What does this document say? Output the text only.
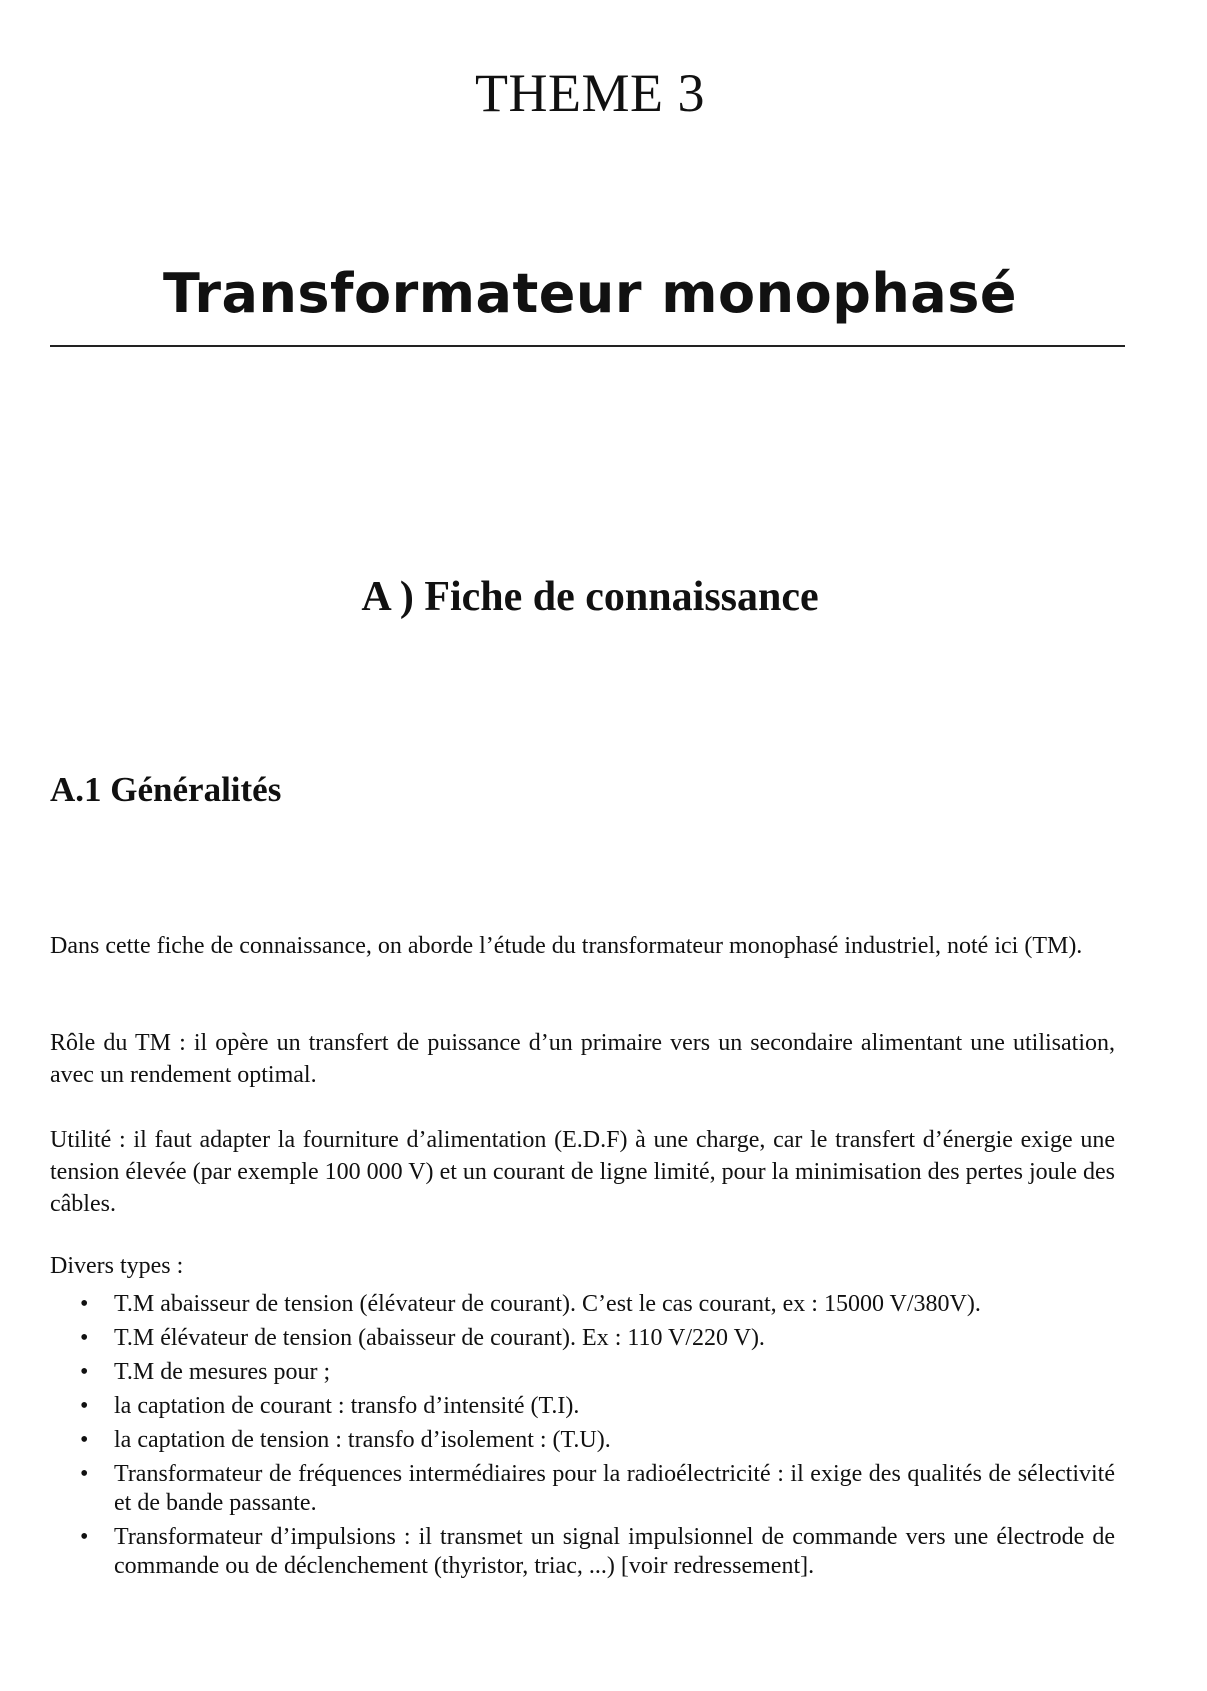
THEME 3
Transformateur monophasé
A ) Fiche de connaissance
A.1 Généralités

Dans cette fiche de connaissance, on aborde l’étude du transformateur monophasé industriel, noté ici (TM).

Rôle du TM : il opère un transfert de puissance d’un primaire vers un secondaire alimentant une utilisation, avec un rendement optimal.

Utilité : il faut adapter la fourniture d’alimentation (E.D.F) à une charge, car le transfert d’énergie exige une tension élevée (par exemple 100 000 V) et un courant de ligne limité, pour la minimisation des pertes joule des câbles.

Divers types :

• T.M abaisseur de tension (élévateur de courant). C’est le cas courant, ex : 15000 V/380V).
• T.M élévateur de tension (abaisseur de courant). Ex : 110 V/220 V).
• T.M de mesures pour ;
• la captation de courant : transfo d’intensité (T.I).
• la captation de tension : transfo d’isolement : (T.U).
• Transformateur de fréquences intermédiaires pour la radioélectricité : il exige des qualités de sélectivité et de bande passante.
• Transformateur d’impulsions : il transmet un signal impulsionnel de commande vers une électrode de commande ou de déclenchement (thyristor, triac, ...) [voir redressement].
